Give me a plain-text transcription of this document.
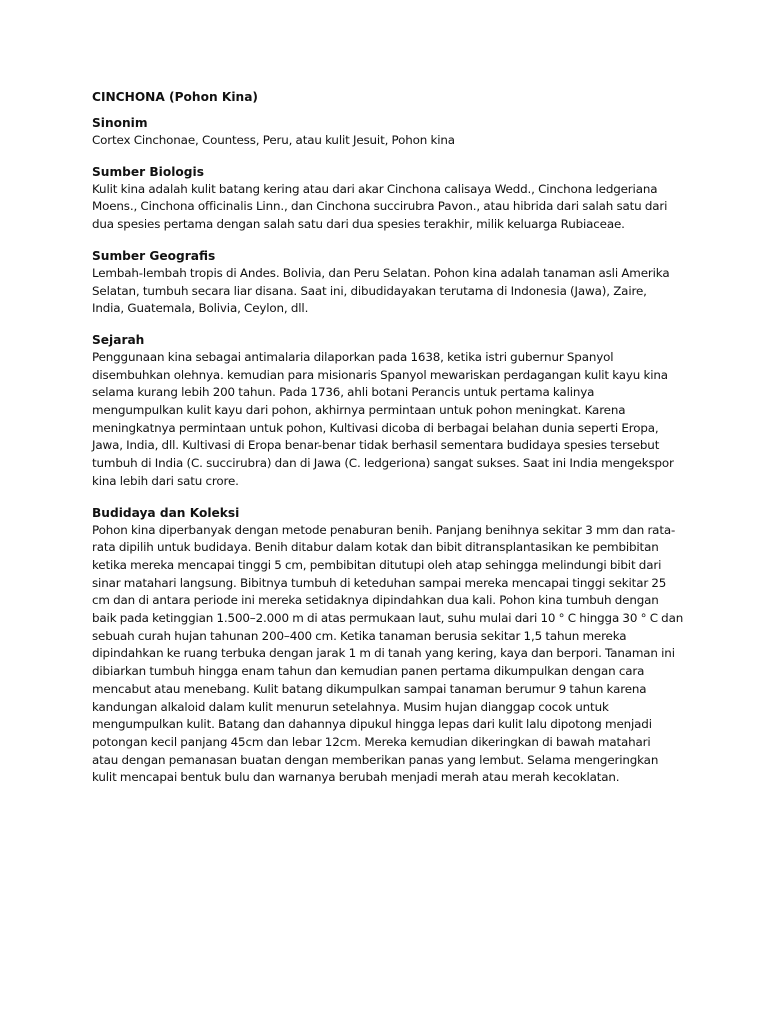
CINCHONA (Pohon Kina)
Sinonim

Cortex Cinchonae, Countess, Peru, atau kulit Jesuit, Pohon kina

Sumber Biologis

Kulit kina adalah kulit batang kering atau dari akar Cinchona calisaya Wedd., Cinchona ledgeriana
Moens., Cinchona officinalis Linn., dan Cinchona succirubra Pavon., atau hibrida dari salah satu dari
dua spesies pertama dengan salah satu dari dua spesies terakhir, milik keluarga Rubiaceae.

Sumber Geografis

Lembah-lembah tropis di Andes. Bolivia, dan Peru Selatan. Pohon kina adalah tanaman asli Amerika
Selatan, tumbuh secara liar disana. Saat ini, dibudidayakan terutama di Indonesia (Jawa), Zaire,
India, Guatemala, Bolivia, Ceylon, dll.

Sejarah

Penggunaan kina sebagai antimalaria dilaporkan pada 1638, ketika istri gubernur Spanyol
disembuhkan olehnya. kemudian para misionaris Spanyol mewariskan perdagangan kulit kayu kina
selama kurang lebih 200 tahun. Pada 1736, ahli botani Perancis untuk pertama kalinya
mengumpulkan kulit kayu dari pohon, akhirnya permintaan untuk pohon meningkat. Karena
meningkatnya permintaan untuk pohon, Kultivasi dicoba di berbagai belahan dunia seperti Eropa,
Jawa, India, dll. Kultivasi di Eropa benar-benar tidak berhasil sementara budidaya spesies tersebut
tumbuh di India (C. succirubra) dan di Jawa (C. ledgeriona) sangat sukses. Saat ini India mengekspor
kina lebih dari satu crore.

Budidaya dan Koleksi

Pohon kina diperbanyak dengan metode penaburan benih. Panjang benihnya sekitar 3 mm dan rata-
rata dipilih untuk budidaya. Benih ditabur dalam kotak dan bibit ditransplantasikan ke pembibitan
ketika mereka mencapai tinggi 5 cm, pembibitan ditutupi oleh atap sehingga melindungi bibit dari
sinar matahari langsung. Bibitnya tumbuh di keteduhan sampai mereka mencapai tinggi sekitar 25
cm dan di antara periode ini mereka setidaknya dipindahkan dua kali. Pohon kina tumbuh dengan
baik pada ketinggian 1.500–2.000 m di atas permukaan laut, suhu mulai dari 10 ° C hingga 30 ° C dan
sebuah curah hujan tahunan 200–400 cm. Ketika tanaman berusia sekitar 1,5 tahun mereka
dipindahkan ke ruang terbuka dengan jarak 1 m di tanah yang kering, kaya dan berpori. Tanaman ini
dibiarkan tumbuh hingga enam tahun dan kemudian panen pertama dikumpulkan dengan cara
mencabut atau menebang. Kulit batang dikumpulkan sampai tanaman berumur 9 tahun karena
kandungan alkaloid dalam kulit menurun setelahnya. Musim hujan dianggap cocok untuk
mengumpulkan kulit. Batang dan dahannya dipukul hingga lepas dari kulit lalu dipotong menjadi
potongan kecil panjang 45cm dan lebar 12cm. Mereka kemudian dikeringkan di bawah matahari
atau dengan pemanasan buatan dengan memberikan panas yang lembut. Selama mengeringkan
kulit mencapai bentuk bulu dan warnanya berubah menjadi merah atau merah kecoklatan.
